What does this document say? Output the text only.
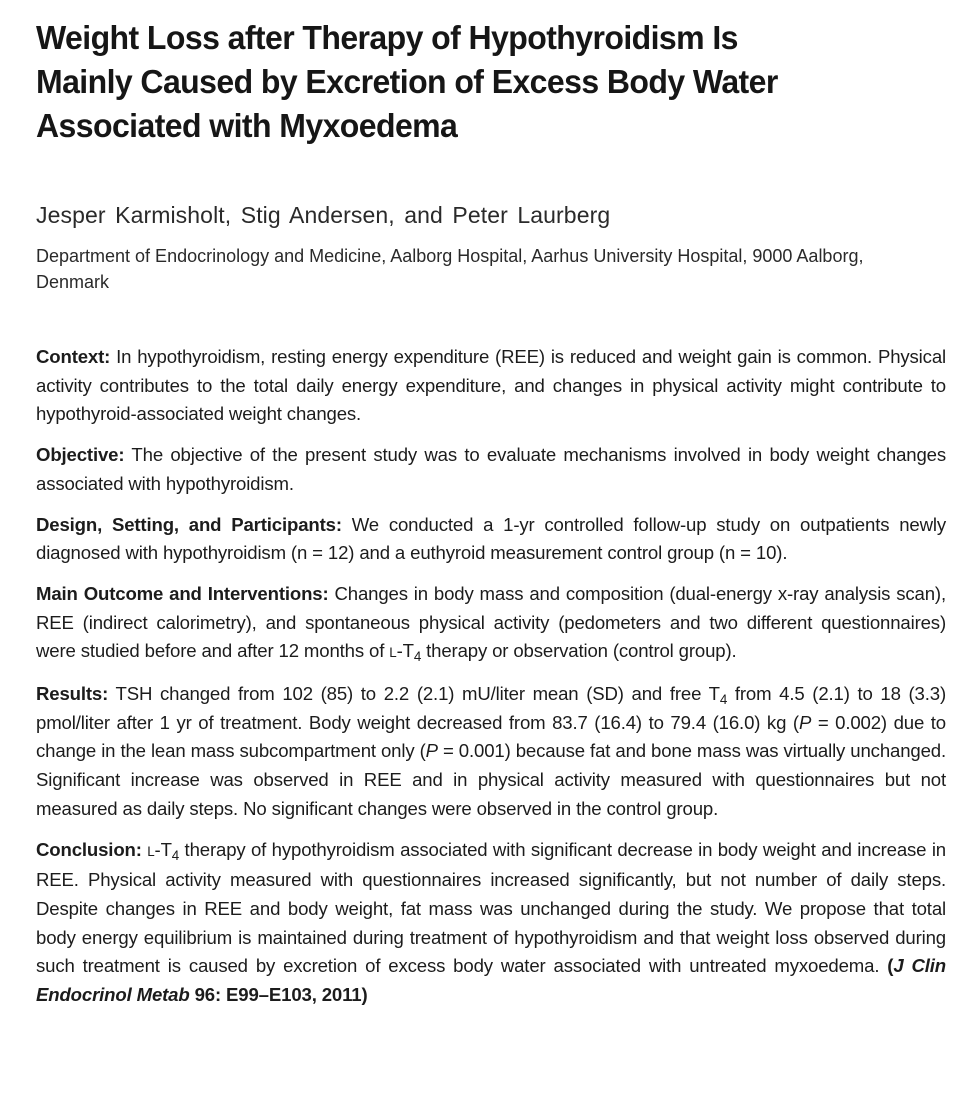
Weight Loss after Therapy of Hypothyroidism Is
Mainly Caused by Excretion of Excess Body Water
Associated with Myxoedema

Jesper Karmisholt, Stig Andersen, and Peter Laurberg

Department of Endocrinology and Medicine, Aalborg Hospital, Aarhus University Hospital, 9000 Aalborg, Denmark

Context: In hypothyroidism, resting energy expenditure (REE) is reduced and weight gain is common. Physical activity contributes to the total daily energy expenditure, and changes in physical activity might contribute to hypothyroid-associated weight changes.

Objective: The objective of the present study was to evaluate mechanisms involved in body weight changes associated with hypothyroidism.

Design, Setting, and Participants: We conducted a 1-yr controlled follow-up study on outpatients newly diagnosed with hypothyroidism (n = 12) and a euthyroid measurement control group (n = 10).

Main Outcome and Interventions: Changes in body mass and composition (dual-energy x-ray analysis scan), REE (indirect calorimetry), and spontaneous physical activity (pedometers and two different questionnaires) were studied before and after 12 months of $L-T_4$ therapy or observation (control group).

Results: TSH changed from 102 (85) to 2.2 (2.1) mU/liter mean (SD) and free $T_4$ from 4.5 (2.1) to 18 (3.3) pmol/liter after 1 yr of treatment. Body weight decreased from 83.7 (16.4) to 79.4 (16.0) kg (P = 0.002) due to change in the lean mass subcompartment only (P = 0.001) because fat and bone mass was virtually unchanged. Significant increase was observed in REE and in physical activity measured with questionnaires but not measured as daily steps. No significant changes were observed in the control group.

Conclusion: $L-T_4$ therapy of hypothyroidism associated with significant decrease in body weight and increase in REE. Physical activity measured with questionnaires increased significantly, but not number of daily steps. Despite changes in REE and body weight, fat mass was unchanged during the study. We propose that total body energy equilibrium is maintained during treatment of hypothyroidism and that weight loss observed during such treatment is caused by excretion of excess body water associated with untreated myxoedema. (J Clin Endocrinol Metab 96: E99–E103, 2011)
